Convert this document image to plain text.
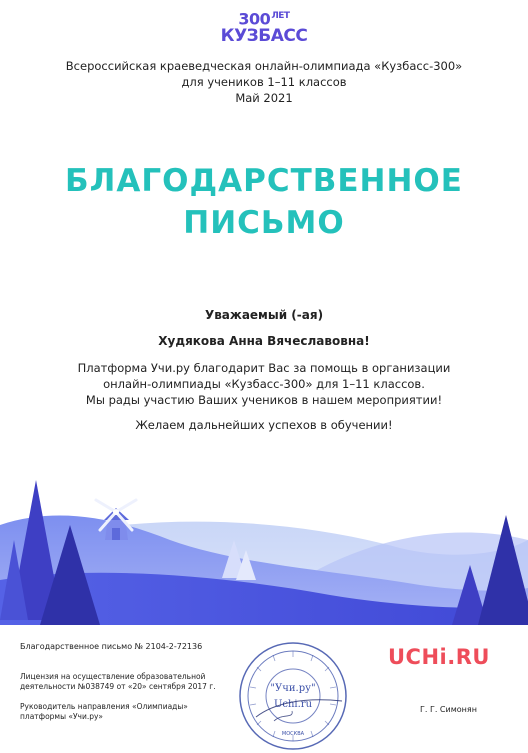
$300^{ЛЕТ}$
КУЗБАСС
Всероссийская краеведческая онлайн-олимпиада «Кузбасс-300»
для учеников 1–11 классов
Май 2021
БЛАГОДАРСТВЕННОЕ
ПИСЬМО
Уважаемый (-ая)
Худякова Анна Вячеславовна!
Платформа Учи.ру благодарит Вас за помощь в организации
онлайн-олимпиады «Кузбасс-300» для 1–11 классов.
Мы рады участию Ваших учеников в нашем мероприятии!
Желаем дальнейших успехов в обучении!
Благодарственное письмо № 2104-2-72136
Лицензия на осуществление образовательной
деятельности №038749 от «20» сентября 2017 г.
Руководитель направления «Олимпиады»
платформы «Учи.ру»
"Учи.ру"
Uchi.ru
МОСКВА
UCHi.RU
Г. Г. Симонян
